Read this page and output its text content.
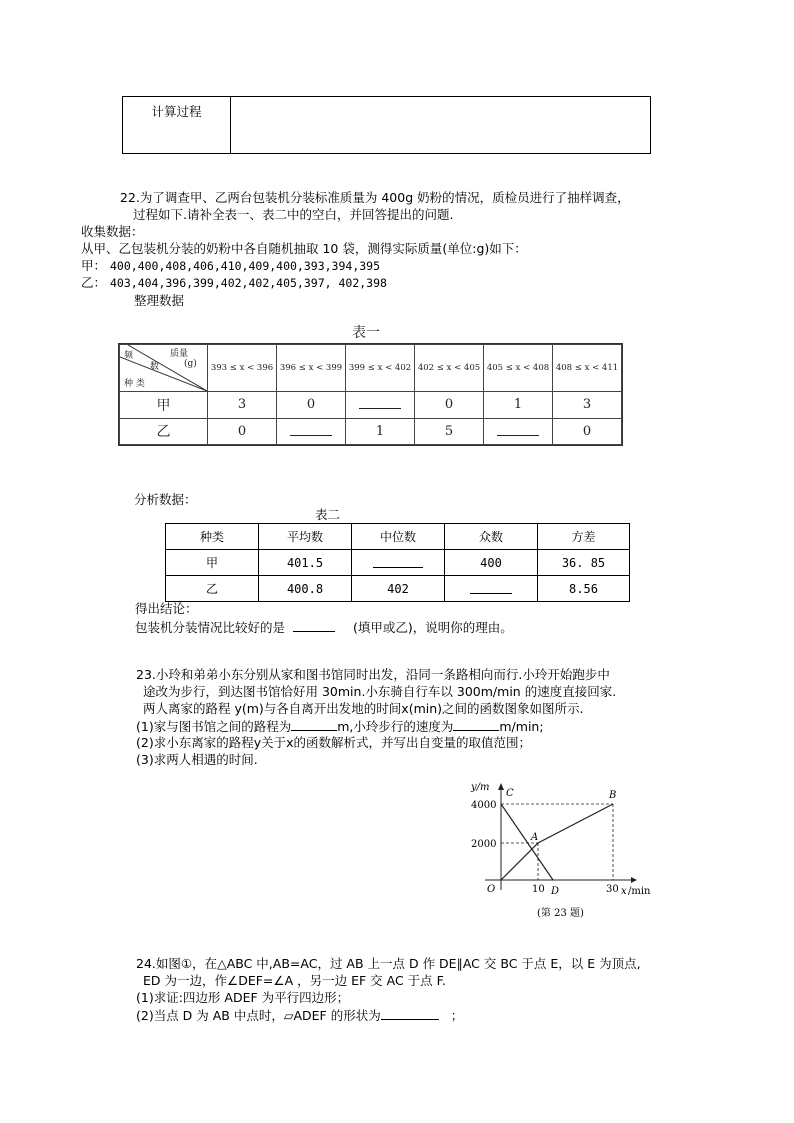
计算过程
22.为了调查甲、乙两台包装机分装标准质量为 400g 奶粉的情况，质检员进行了抽样调查，
过程如下.请补全表一、表二中的空白，并回答提出的问题.
收集数据：
从甲、乙包装机分装的奶粉中各自随机抽取 10 袋，测得实际质量(单位:g)如下：
甲： 400,400,408,406,410,409,400,393,394,395
乙： 403,404,396,399,402,402,405,397, 402,398
整理数据
表一
频
数
质量
(g)
种 类	393 ≤ x < 396	396 ≤ x < 399	399 ≤ x < 402	402 ≤ x < 405	405 ≤ x < 408	408 ≤ x < 411
甲	3	0		0	1	3
乙	0		1	5		0
分析数据：
表二
种类	平均数	中位数	众数	方差
甲	401.5		400	36. 85
乙	400.8	402		8.56
得出结论：
包装机分装情况比较好的是	(填甲或乙)，说明你的理由。
23.小玲和弟弟小东分别从家和图书馆同时出发，沿同一条路相向而行.小玲开始跑步中
途改为步行，到达图书馆恰好用 30min.小东骑自行车以 300m/min 的速度直接回家.
两人离家的路程 y(m)与各自离开出发地的时间x(min)之间的函数图象如图所示.
(1)家与图书馆之间的路程为	m,小玲步行的速度为	m/min;
(2)求小东离家的路程y关于x的函数解析式，并写出自变量的取值范围；
(3)求两人相遇的时间.
y/m
4000
2000
C	B
A
O	10 D	30 x /min
(第 23 题)
24.如图①，在△ABC 中,AB=AC，过 AB 上一点 D 作 DE∥AC 交 BC 于点 E，以 E 为顶点,
ED 为一边，作∠DEF=∠A ，另一边 EF 交 AC 于点 F.
(1)求证:四边形 ADEF 为平行四边形；
(2)当点 D 为 AB 中点时，▱ADEF 的形状为	；
